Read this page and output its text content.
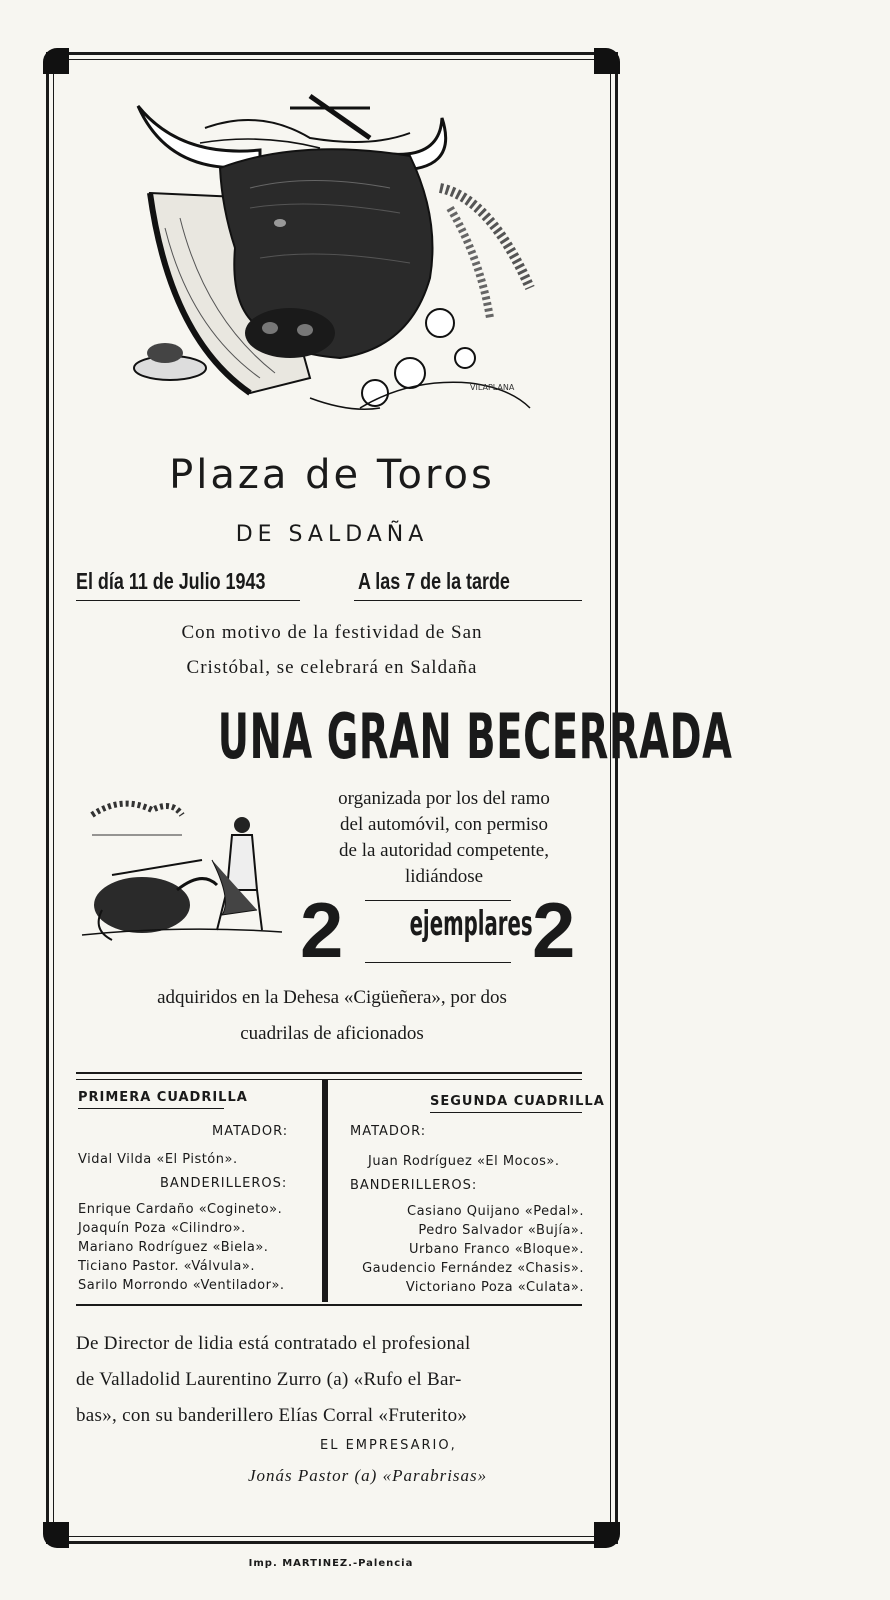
VILAPLANA
Plaza de Toros
DE SALDAÑA
El día 11 de Julio 1943	A las 7 de la tarde
Con motivo de la festividad de San
Cristóbal, se celebrará en Saldaña
UNA GRAN BECERRADA
organizada por los del ramo
del automóvil, con permiso
de la autoridad competente,
lidiándose
2	ejemplares 2
adquiridos en la Dehesa «Cigüeñera», por dos
cuadrilas de aficionados
PRIMERA CUADRILLA
MATADOR:
Vidal Vilda «El Pistón».
BANDERILLEROS:
Enrique Cardaño «Cogineto».
Joaquín Poza «Cilindro».
Mariano Rodríguez «Biela».
Ticiano Pastor. «Válvula».
Sarilo Morrondo «Ventilador».
SEGUNDA CUADRILLA
MATADOR:
Juan Rodríguez «El Mocos».
BANDERILLEROS:
Casiano Quijano «Pedal».
Pedro Salvador «Bujía».
Urbano Franco «Bloque».
Gaudencio Fernández «Chasis».
Victoriano Poza «Culata».
De Director de lidia está contratado el profesional
de Valladolid Laurentino Zurro (a) «Rufo el Bar-
bas», con su banderillero Elías Corral «Fruterito»
EL EMPRESARIO,
Jonás Pastor (a) «Parabrisas»
Imp. MARTINEZ.-Palencia
